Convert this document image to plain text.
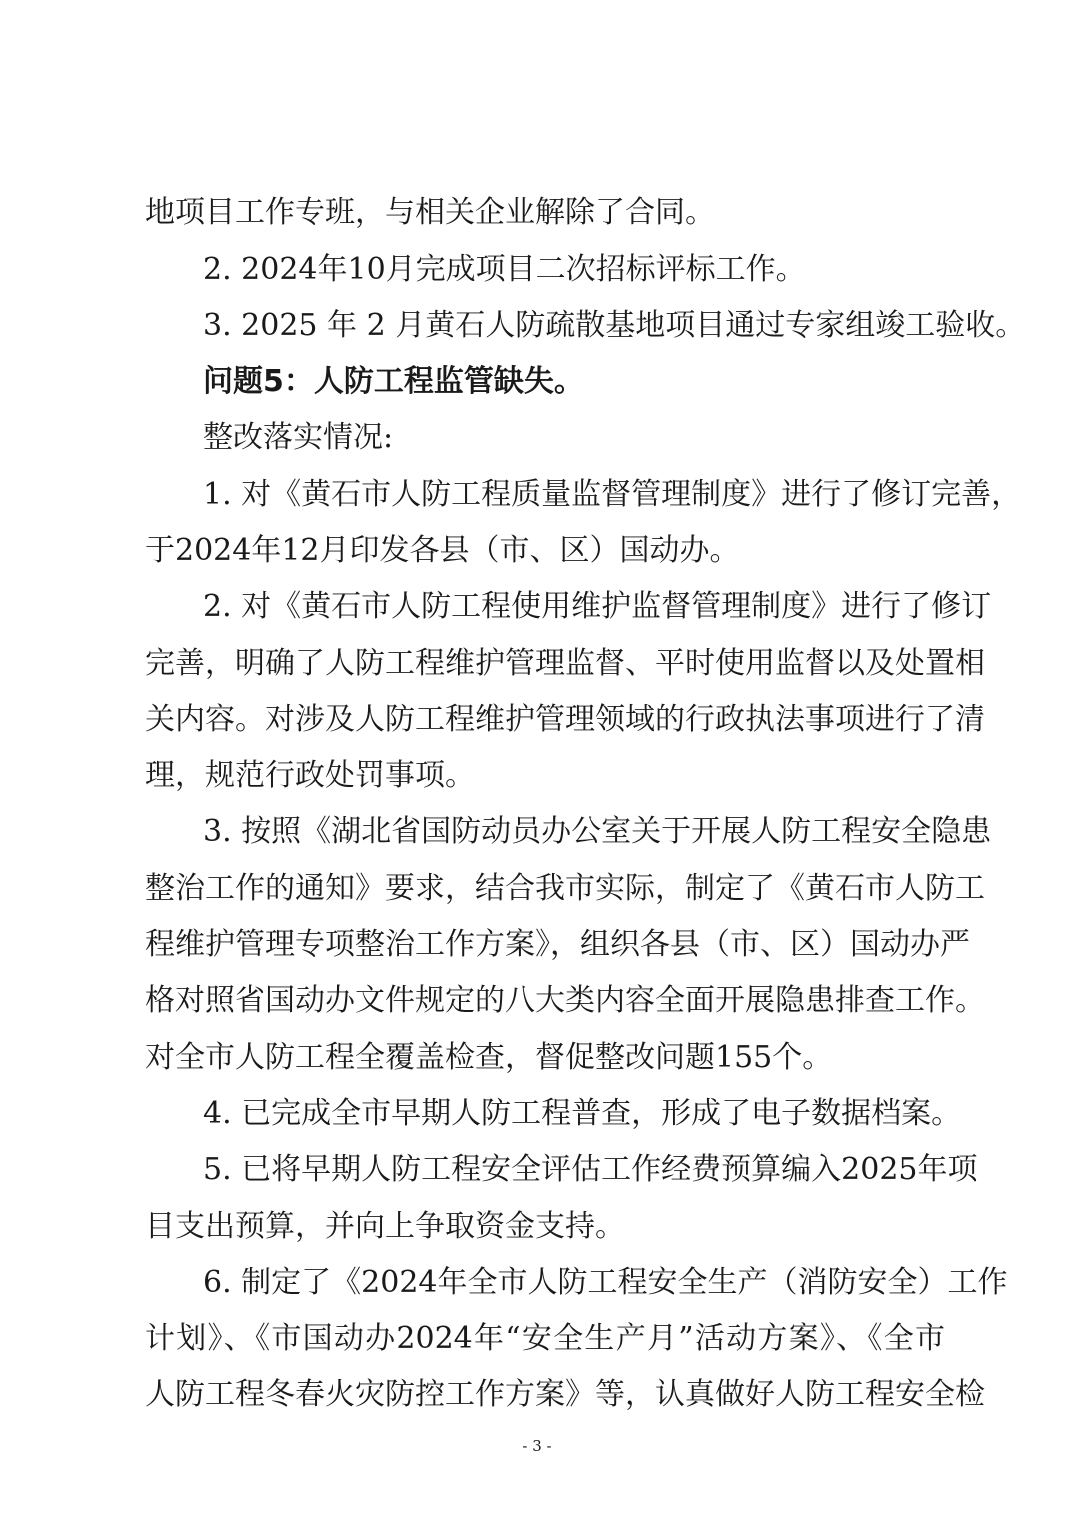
地项目工作专班，与相关企业解除了合同。
2. 2024年10月完成项目二次招标评标工作。
3. 2025 年 2 月黄石人防疏散基地项目通过专家组竣工验收。
问题5：人防工程监管缺失。
整改落实情况:
1. 对《黄石市人防工程质量监督管理制度》进行了修订完善，
于2024年12月印发各县（市、区）国动办。
2. 对《黄石市人防工程使用维护监督管理制度》进行了修订
完善，明确了人防工程维护管理监督、平时使用监督以及处置相
关内容。对涉及人防工程维护管理领域的行政执法事项进行了清
理，规范行政处罚事项。
3. 按照《湖北省国防动员办公室关于开展人防工程安全隐患
整治工作的通知》要求，结合我市实际，制定了《黄石市人防工
程维护管理专项整治工作方案》，组织各县（市、区）国动办严
格对照省国动办文件规定的八大类内容全面开展隐患排查工作。
对全市人防工程全覆盖检查，督促整改问题155个。
4. 已完成全市早期人防工程普查，形成了电子数据档案。
5. 已将早期人防工程安全评估工作经费预算编入2025年项
目支出预算，并向上争取资金支持。
6. 制定了《2024年全市人防工程安全生产（消防安全）工作
计划》、《市国动办2024年“安全生产月”活动方案》、《全市
人防工程冬春火灾防控工作方案》等，认真做好人防工程安全检
- 3 -
